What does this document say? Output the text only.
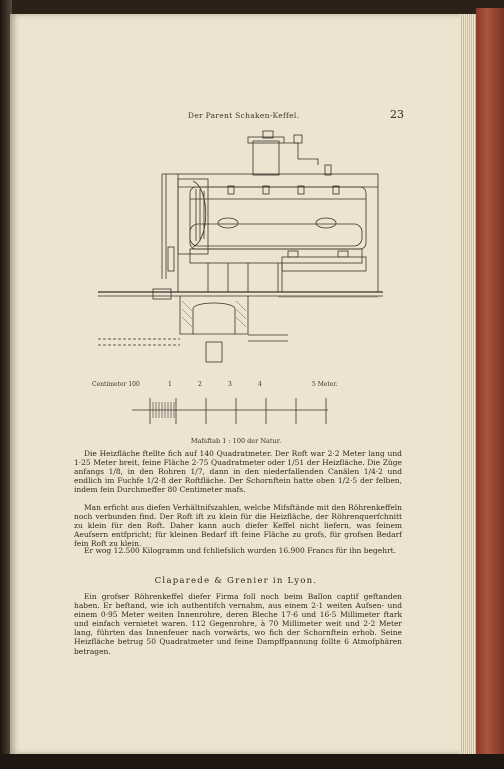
Der Parent Schaken-Keffel.	23
Centimeter 100	1	2	3	4	5 Meter.
Mafsftab 1 : 100 der Natur.

Die Heizfläche ftellte fich auf 140 Quadratmeter. Der Roft war 2·2 Meter lang und 1·25 Meter breit, feine Fläche 2·75 Quadratmeter oder 1/51 der Heizfläche. Die Züge anfangs 1/8, in den Rohren 1/7, dann in den niederfallenden Canälen 1/4·2 und endlich im Fuchfe 1/2·8 der Roftfläche. Der Schornftein hatte oben 1/2·5 der felben, indem fein Durchmeffer 80 Centimeter mafs.

Man erficht aus diefen Verhältnifszahlen, welche Mifsftände mit den Röhrenkeffeln noch verbunden find. Der Roft ift zu klein für die Heizfläche, der Röhrenquerfchnitt zu klein für den Roft. Daher kann auch diefer Keffel nicht liefern, was feinem Aeufsern entfpricht; für kleinen Bedarf ift feine Fläche zu grofs, für grofsen Bedarf fein Roft zu klein.

Er wog 12.500 Kilogramm und fchliefslich wurden 16.900 Francs für ihn begehrt.

Claparede & Grenier in Lyon.

Ein grofser Röhrenkeffel diefer Firma foll noch beim Ballon captif geftanden haben. Er beftand, wie ich authentifch vernahm, aus einem 2·1 weiten Aufsen- und einem 0·95 Meter weiten Innenrohre, deren Bleche 17·6 und 16·5 Millimeter ftark und einfach vernietet waren. 112 Gegenrohre, à 70 Millimeter weit und 2·2 Meter lang, führten das Innenfeuer nach vorwärts, wo fich der Schornftein erhob. Seine Heizfläche betrug 50 Quadratmeter und feine Dampffpannung follte 6 Atmofphären betragen.
